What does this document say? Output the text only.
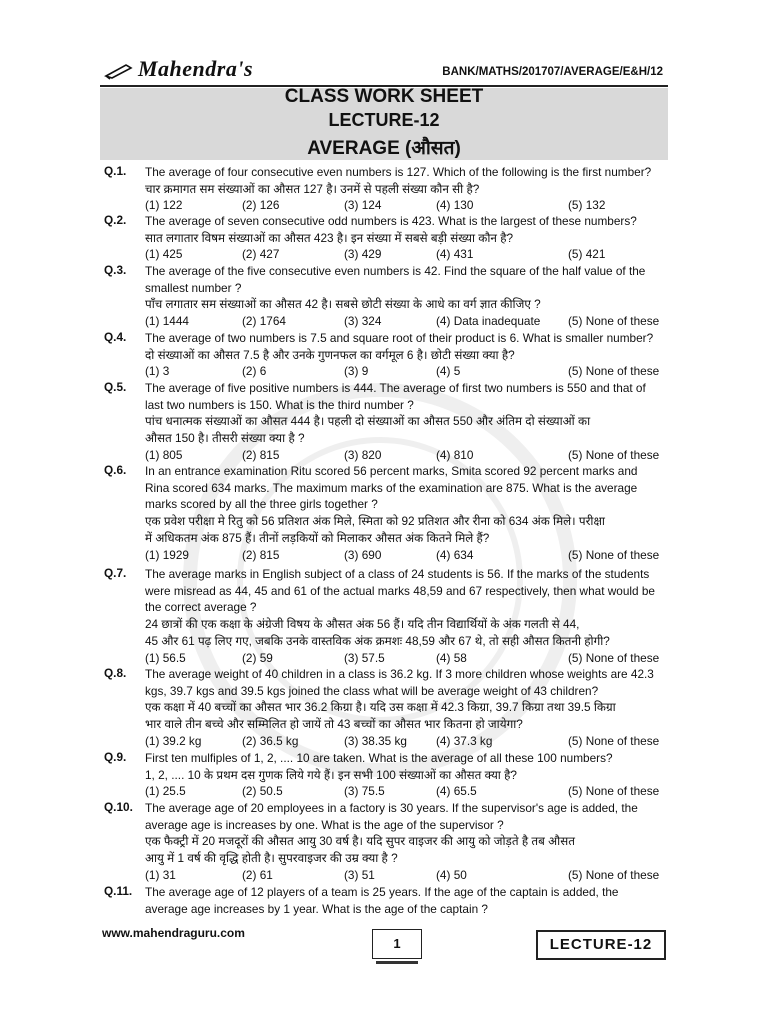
Mahendra's	BANK/MATHS/201707/AVERAGE/E&H/12
CLASS WORK SHEET
LECTURE-12
AVERAGE (औसत)
Q.1. The average of four consecutive even numbers is 127. Which of the following is the first number?
चार क्रमागत सम संख्याओं का औसत 127 है। उनमें से पहली संख्या कौन सी है?
(1) 122	(2) 126	(3) 124	(4) 130	(5) 132
Q.2. The average of seven consecutive odd numbers is 423. What is the largest of these numbers?
सात लगातार विषम संख्याओं का औसत 423 है। इन संख्या में सबसे बड़ी संख्या कौन है?
(1) 425	(2) 427	(3) 429	(4) 431	(5) 421
Q.3. The average of the five consecutive even numbers is 42. Find the square of the half value of the
smallest number ?
पाँच लगातार सम संख्याओं का औसत 42 है। सबसे छोटी संख्या के आधे का वर्ग ज्ञात कीजिए ?
(1) 1444	(2) 1764	(3) 324	(4) Data inadequate (5) None of these
Q.4. The average of two numbers is 7.5 and square root of their product is 6. What is smaller number?
दो संख्याओं का औसत 7.5 है और उनके गुणनफल का वर्गमूल 6 है। छोटी संख्या क्या है?
(1) 3	(2) 6	(3) 9	(4) 5	(5) None of these
Q.5. The average of five positive numbers is 444. The average of first two numbers is 550 and that of
last two numbers is 150. What is the third number ?
पांच धनात्मक संख्याओं का औसत 444 है। पहली दो संख्याओं का औसत 550 और अंतिम दो संख्याओं का
औसत 150 है। तीसरी संख्या क्या है ?
(1) 805	(2) 815	(3) 820	(4) 810	(5) None of these
Q.6. In an entrance examination Ritu scored 56 percent marks, Smita scored 92 percent marks and
Rina scored 634 marks. The maximum marks of the examination are 875. What is the average
marks scored by all the three girls together ?
एक प्रवेश परीक्षा मे रितु को 56 प्रतिशत अंक मिले, स्मिता को 92 प्रतिशत और रीना को 634 अंक मिले। परीक्षा
में अधिकतम अंक 875 हैं। तीनों लड़कियों को मिलाकर औसत अंक कितने मिले हैं?
(1) 1929	(2) 815	(3) 690	(4) 634	(5) None of these
Q.7. The average marks in English subject of a class of 24 students is 56. If the marks of the students
were misread as 44, 45 and 61 of the actual marks 48,59 and 67 respectively, then what would be
the correct average ?
24 छात्रों की एक कक्षा के अंग्रेजी विषय के औसत अंक 56 हैं। यदि तीन विद्यार्थियों के अंक गलती से 44,
45 और 61 पढ़ लिए गए, जबकि उनके वास्तविक अंक क्रमशः 48,59 और 67 थे, तो सही औसत कितनी होगी?
(1) 56.5	(2) 59	(3) 57.5	(4) 58	(5) None of these
Q.8. The average weight of 40 children in a class is 36.2 kg. If 3 more children whose weights are 42.3
kgs, 39.7 kgs and 39.5 kgs joined the class what will be average weight of 43 children?
एक कक्षा में 40 बच्चों का औसत भार 36.2 किग्रा है। यदि उस कक्षा में 42.3 किग्रा, 39.7 किग्रा तथा 39.5 किग्रा
भार वाले तीन बच्चे और सम्मिलित हो जायें तो 43 बच्चों का औसत भार कितना हो जायेगा?
(1) 39.2 kg	(2) 36.5 kg	(3) 38.35 kg (4) 37.3 kg	(5) None of these
Q.9. First ten mulfiples of 1, 2, .... 10 are taken. What is the average of all these 100 numbers?
1, 2, .... 10 के प्रथम दस गुणक लिये गये हैं। इन सभी 100 संख्याओं का औसत क्या है?
(1) 25.5	(2) 50.5	(3) 75.5	(4) 65.5	(5) None of these
Q.10. The average age of 20 employees in a factory is 30 years. If the supervisor's age is added, the
average age is increases by one. What is the age of the supervisor ?
एक फैक्ट्री में 20 मजदूरों की औसत आयु 30 वर्ष है। यदि सुपर वाइजर की आयु को जोड़ते है तब औसत
आयु में 1 वर्ष की वृद्धि होती है। सुपरवाइजर की उम्र क्या है ?
(1) 31	(2) 61	(3) 51	(4) 50	(5) None of these
Q.11. The average age of 12 players of a team is 25 years. If the age of the captain is added, the
average age increases by 1 year. What is the age of the captain ?
www.mahendraguru.com
1	LECTURE-12
